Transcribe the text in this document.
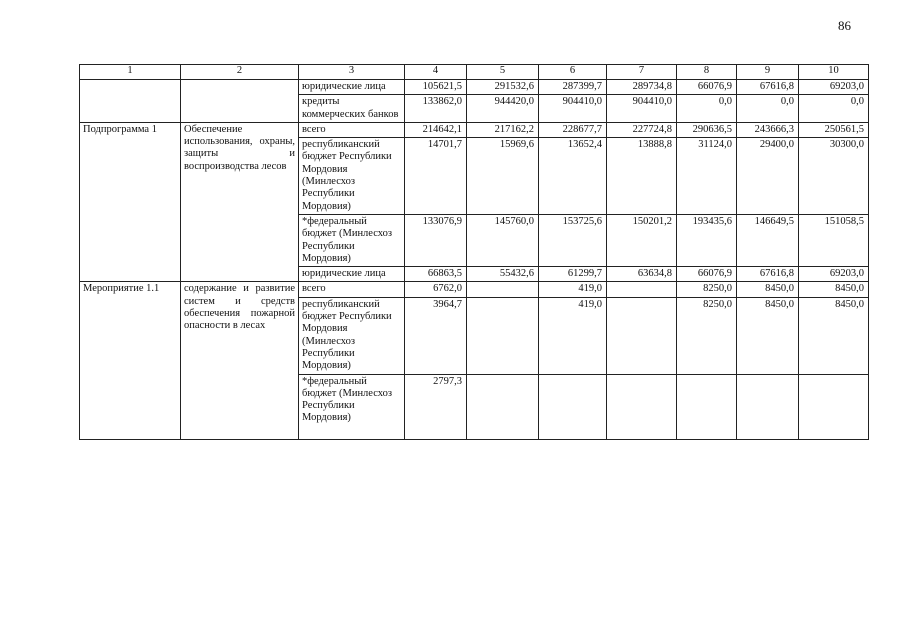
86
1	2	3	4	5	6	7	8	9	10
		юридические лица	105621,5	291532,6	287399,7	289734,8	66076,9	67616,8	69203,0
		кредиты коммерческих банков	133862,0	944420,0	904410,0	904410,0	0,0	0,0	0,0
Подпрограмма 1	Обеспечение использования, охраны, защиты и воспроизводства лесов	всего	214642,1	217162,2	228677,7	227724,8	290636,5	243666,3	250561,5
		республиканский бюджет Республики Мордовия (Минлесхоз Республики Мордовия)	14701,7	15969,6	13652,4	13888,8	31124,0	29400,0	30300,0
		*федеральный бюджет (Минлесхоз Республики Мордовия)	133076,9	145760,0	153725,6	150201,2	193435,6	146649,5	151058,5
		юридические лица	66863,5	55432,6	61299,7	63634,8	66076,9	67616,8	69203,0
Мероприятие 1.1	содержание и развитие систем и средств обеспечения пожарной опасности в лесах	всего	6762,0		419,0		8250,0	8450,0	8450,0
		республиканский бюджет Республики Мордовия (Минлесхоз Республики Мордовия)	3964,7		419,0		8250,0	8450,0	8450,0
		*федеральный бюджет (Минлесхоз Республики Мордовия)	2797,3						
